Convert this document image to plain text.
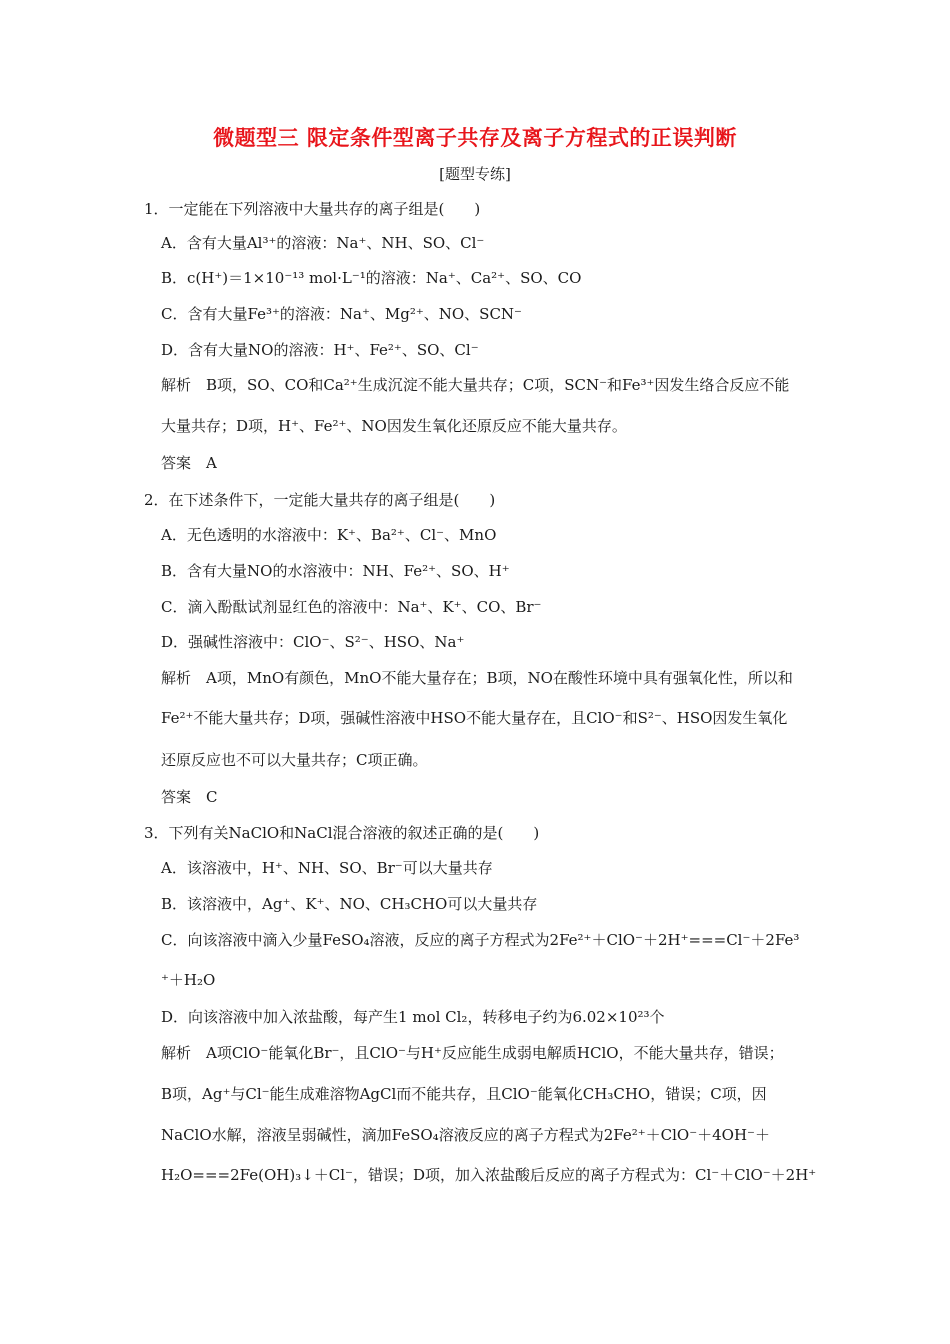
微题型三 限定条件型离子共存及离子方程式的正误判断
[题型专练]
1．一定能在下列溶液中大量共存的离子组是(　　)
A．含有大量Al³⁺的溶液：Na⁺、NH、SO、Cl⁻
B．c(H⁺)＝1×10⁻¹³ mol·L⁻¹的溶液：Na⁺、Ca²⁺、SO、CO
C．含有大量Fe³⁺的溶液：Na⁺、Mg²⁺、NO、SCN⁻
D．含有大量NO的溶液：H⁺、Fe²⁺、SO、Cl⁻
解析　B项，SO、CO和Ca²⁺生成沉淀不能大量共存；C项，SCN⁻和Fe³⁺因发生络合反应不能
大量共存；D项，H⁺、Fe²⁺、NO因发生氧化还原反应不能大量共存。
答案　A
2．在下述条件下，一定能大量共存的离子组是(　　)
A．无色透明的水溶液中：K⁺、Ba²⁺、Cl⁻、MnO
B．含有大量NO的水溶液中：NH、Fe²⁺、SO、H⁺
C．滴入酚酞试剂显红色的溶液中：Na⁺、K⁺、CO、Br⁻
D．强碱性溶液中：ClO⁻、S²⁻、HSO、Na⁺
解析　A项，MnO有颜色，MnO不能大量存在；B项，NO在酸性环境中具有强氧化性，所以和
Fe²⁺不能大量共存；D项，强碱性溶液中HSO不能大量存在，且ClO⁻和S²⁻、HSO因发生氧化
还原反应也不可以大量共存；C项正确。
答案　C
3．下列有关NaClO和NaCl混合溶液的叙述正确的是(　　)
A．该溶液中，H⁺、NH、SO、Br⁻可以大量共存
B．该溶液中，Ag⁺、K⁺、NO、CH₃CHO可以大量共存
C．向该溶液中滴入少量FeSO₄溶液，反应的离子方程式为2Fe²⁺＋ClO⁻＋2H⁺===Cl⁻＋2Fe³
⁺＋H₂O
D．向该溶液中加入浓盐酸，每产生1 mol Cl₂，转移电子约为6.02×10²³个
解析　A项ClO⁻能氧化Br⁻，且ClO⁻与H⁺反应能生成弱电解质HClO，不能大量共存，错误；
B项，Ag⁺与Cl⁻能生成难溶物AgCl而不能共存，且ClO⁻能氧化CH₃CHO，错误；C项，因
NaClO水解，溶液呈弱碱性，滴加FeSO₄溶液反应的离子方程式为2Fe²⁺＋ClO⁻＋4OH⁻＋
H₂O===2Fe(OH)₃↓＋Cl⁻，错误；D项，加入浓盐酸后反应的离子方程式为：Cl⁻＋ClO⁻＋2H⁺
